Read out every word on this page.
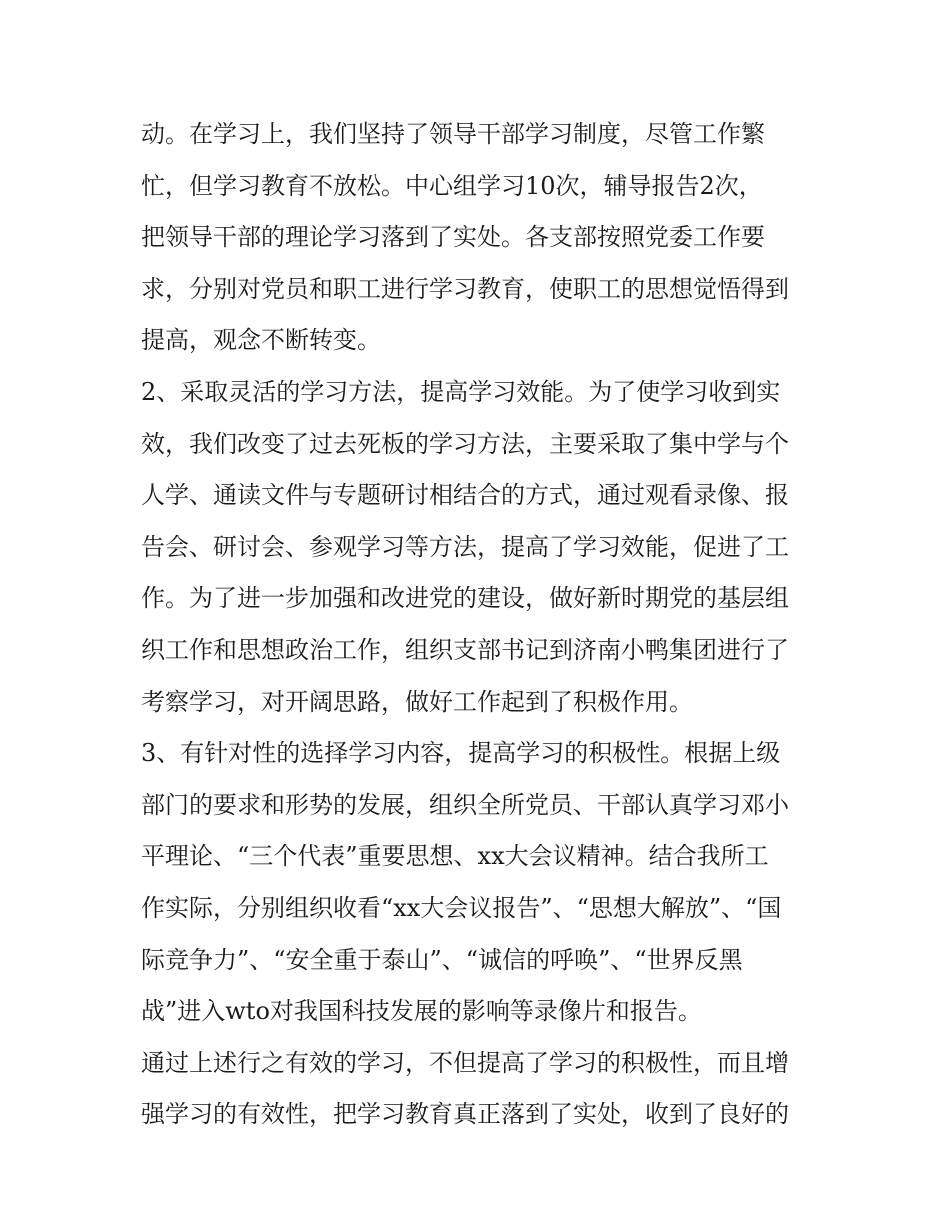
动。在学习上，我们坚持了领导干部学习制度，尽管工作繁
忙，但学习教育不放松。中心组学习10次，辅导报告2次，
把领导干部的理论学习落到了实处。各支部按照党委工作要
求，分别对党员和职工进行学习教育，使职工的思想觉悟得到
提高，观念不断转变。
2、采取灵活的学习方法，提高学习效能。为了使学习收到实
效，我们改变了过去死板的学习方法，主要采取了集中学与个
人学、通读文件与专题研讨相结合的方式，通过观看录像、报
告会、研讨会、参观学习等方法，提高了学习效能，促进了工
作。为了进一步加强和改进党的建设，做好新时期党的基层组
织工作和思想政治工作，组织支部书记到济南小鸭集团进行了
考察学习，对开阔思路，做好工作起到了积极作用。
3、有针对性的选择学习内容，提高学习的积极性。根据上级
部门的要求和形势的发展，组织全所党员、干部认真学习邓小
平理论、“三个代表”重要思想、xx大会议精神。结合我所工
作实际，分别组织收看“xx大会议报告”、“思想大解放”、“国
际竞争力”、“安全重于泰山”、“诚信的呼唤”、“世界反黑
战”进入wto对我国科技发展的影响等录像片和报告。
通过上述行之有效的学习，不但提高了学习的积极性，而且增
强学习的有效性，把学习教育真正落到了实处，收到了良好的
